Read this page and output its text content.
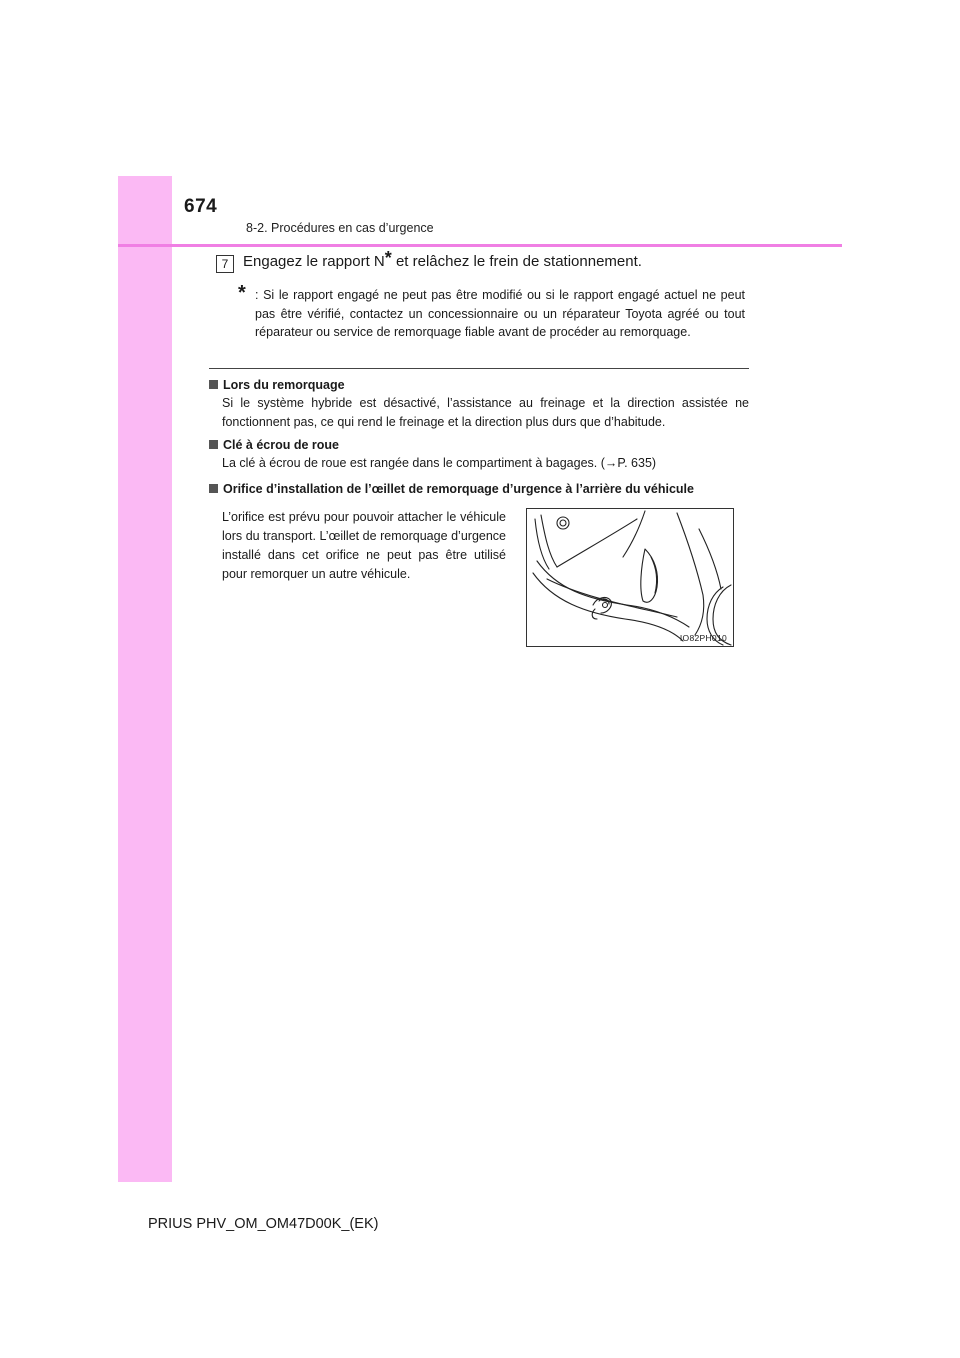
674
8-2. Procédures en cas d’urgence
7 Engagez le rapport N* et relâchez le frein de stationnement.
* : Si le rapport engagé ne peut pas être modifié ou si le rapport engagé actuel ne peut pas être vérifié, contactez un concessionnaire ou un réparateur Toyota agréé ou tout réparateur ou service de remorquage fiable avant de procéder au remorquage.
Lors du remorquage
Si le système hybride est désactivé, l’assistance au freinage et la direction assistée ne fonctionnent pas, ce qui rend le freinage et la direction plus durs que d’habitude.
Clé à écrou de roue
La clé à écrou de roue est rangée dans le compartiment à bagages. (→P. 635)
Orifice d’installation de l’œillet de remorquage d’urgence à l’arrière du véhicule
L’orifice est prévu pour pouvoir attacher le véhicule lors du transport. L’œillet de remorquage d’urgence installé dans cet orifice ne peut pas être utilisé pour remorquer un autre véhicule.
IO82PH010
PRIUS PHV_OM_OM47D00K_(EK)
